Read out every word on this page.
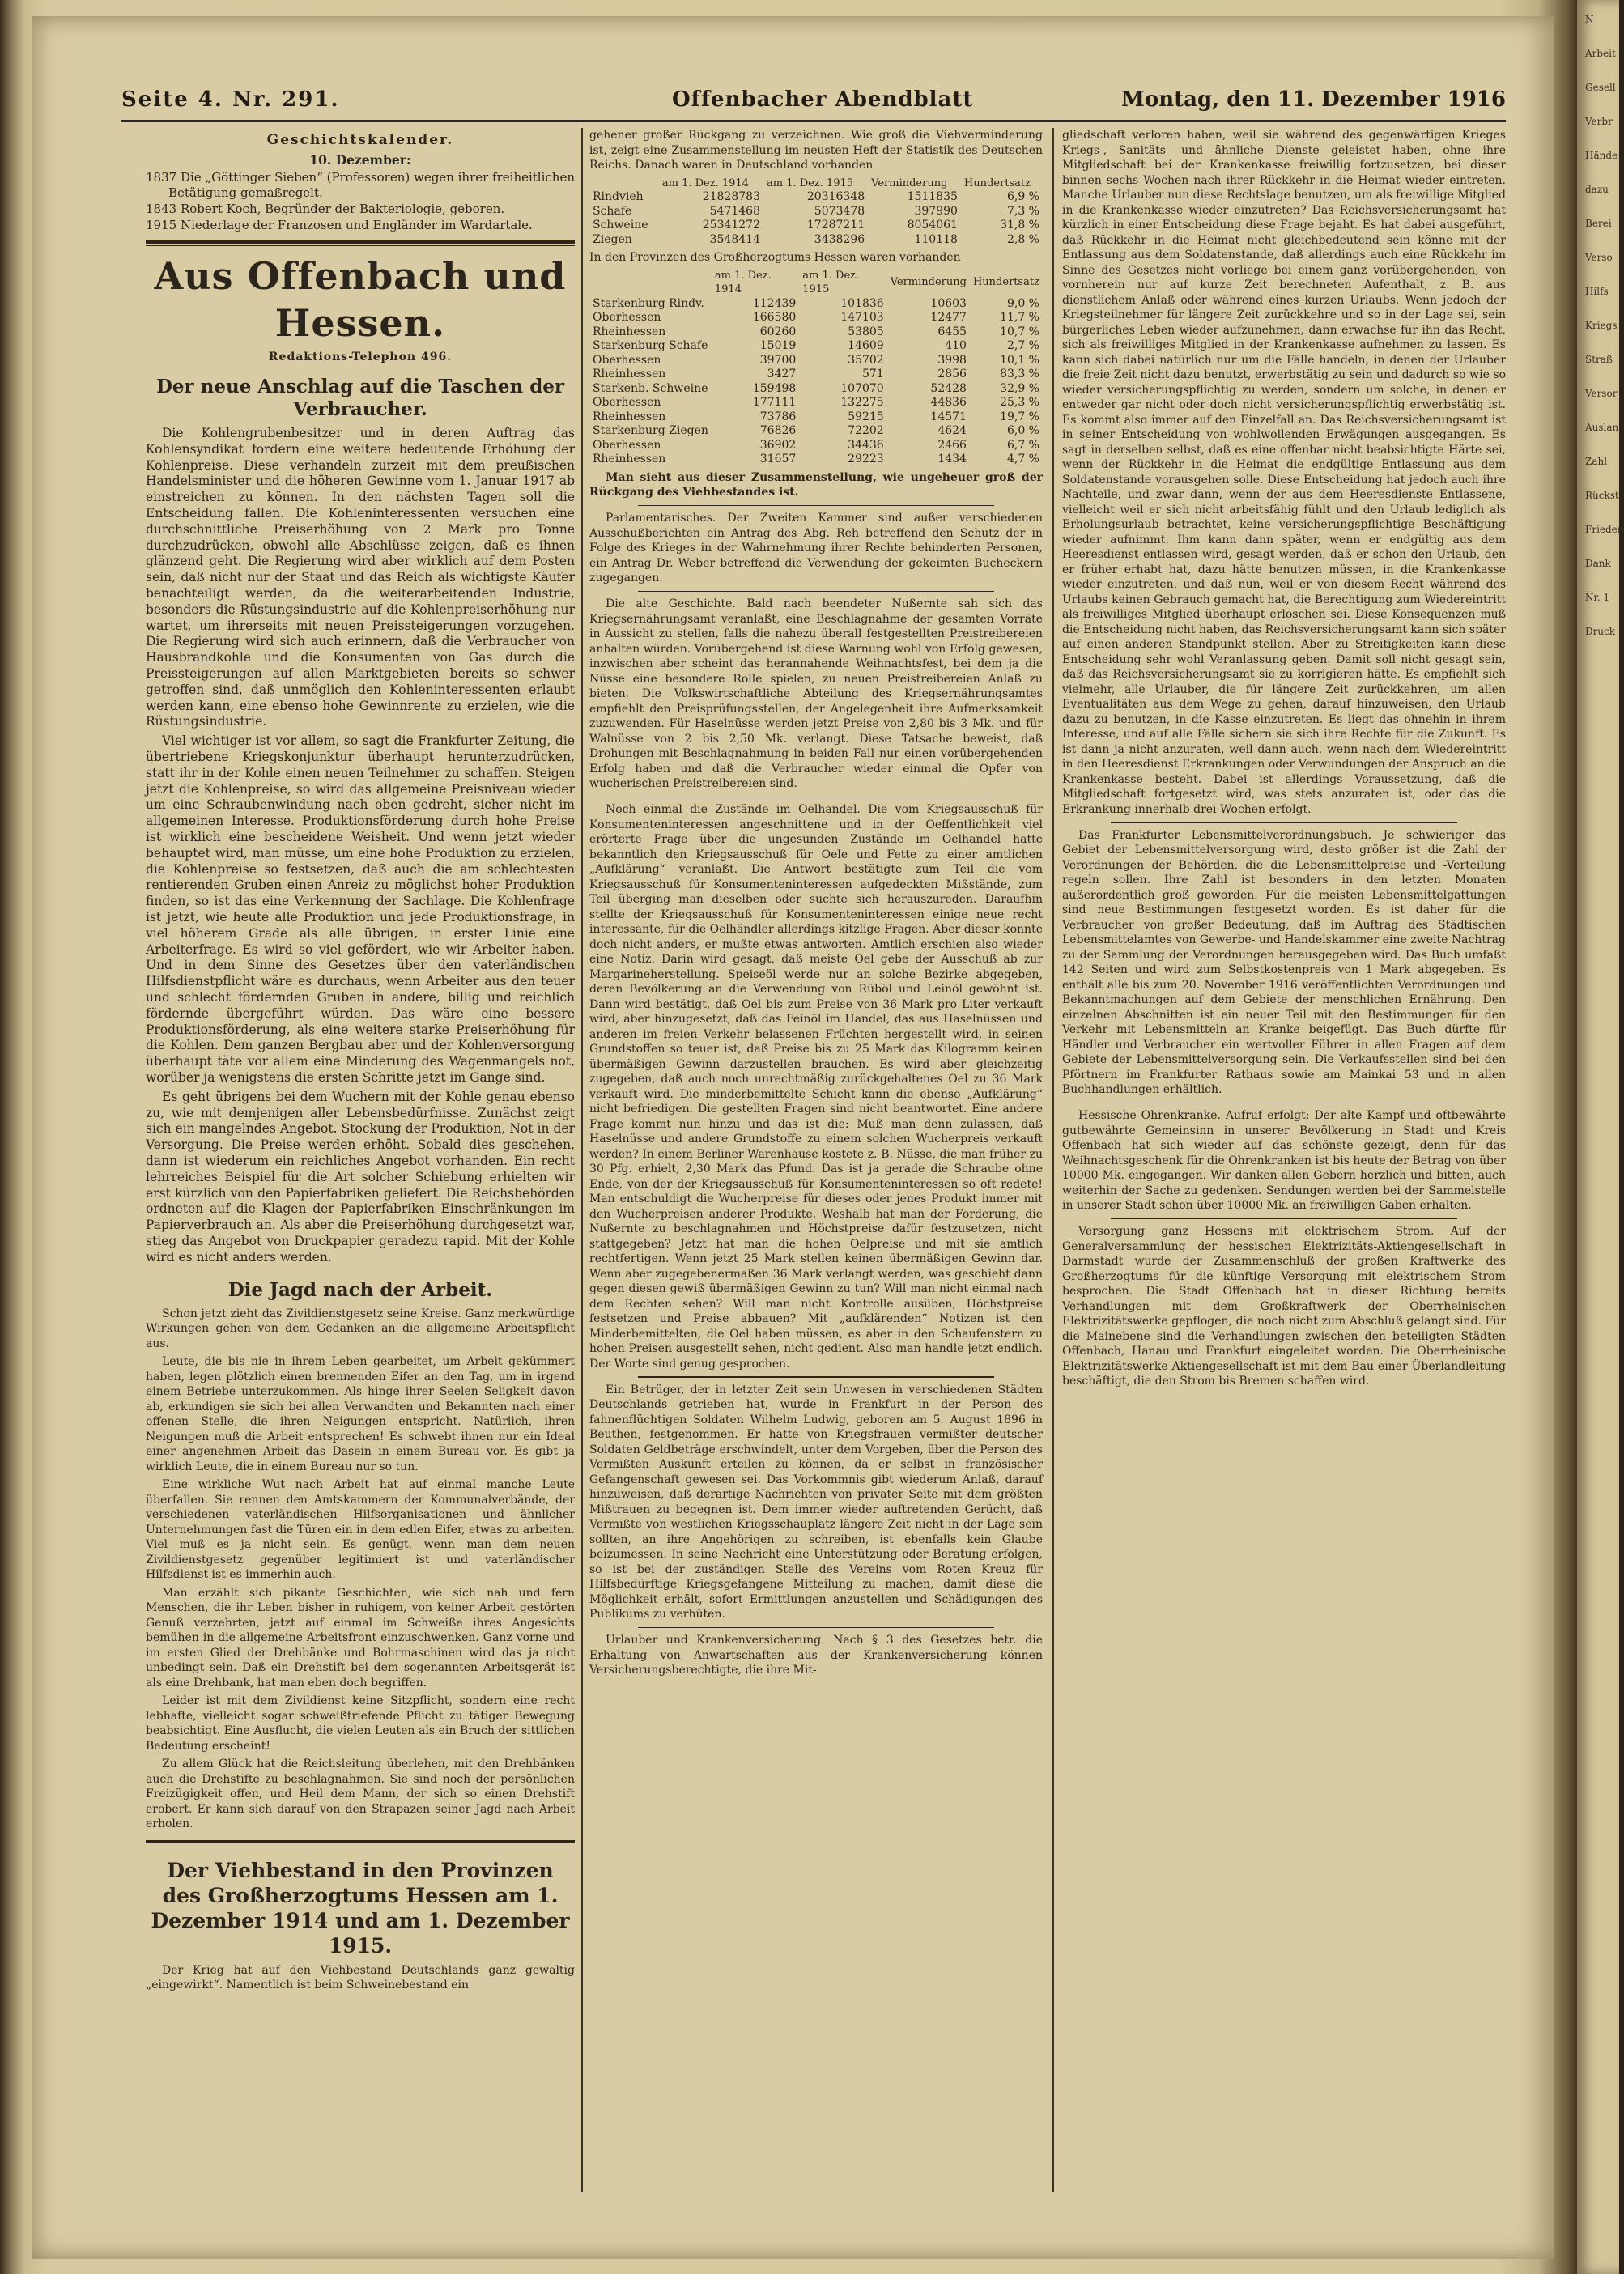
N
Arbeit
Gesell
Verbr
Hände
dazu
Berei
Verso
Hilfs
Kriegs
Straß
Versor
Auslan
Zahl
Rückst
Frieden
Dank
Nr. 1
Druck
Seite 4. Nr. 291.	Offenbacher Abendblatt	Montag, den 11. Dezember 1916
Geschichtskalender.
10. Dezember:

1837 Die „Göttinger Sieben“ (Professoren) wegen ihrer freiheitlichen Betätigung gemaßregelt.

1843 Robert Koch, Begründer der Bakteriologie, geboren.

1915 Niederlage der Franzosen und Engländer im Wardartale.

Aus Offenbach und Hessen.
Redaktions-Telephon 496.
Der neue Anschlag auf die Taschen der Verbraucher.

Die Kohlengrubenbesitzer und in deren Auftrag das Kohlensyndikat fordern eine weitere bedeutende Erhöhung der Kohlenpreise. Diese verhandeln zurzeit mit dem preußischen Handelsminister und die höheren Gewinne vom 1. Januar 1917 ab einstreichen zu können. In den nächsten Tagen soll die Entscheidung fallen. Die Kohleninteressenten versuchen eine durchschnittliche Preiserhöhung von 2 Mark pro Tonne durchzudrücken, obwohl alle Abschlüsse zeigen, daß es ihnen glänzend geht. Die Regierung wird aber wirklich auf dem Posten sein, daß nicht nur der Staat und das Reich als wichtigste Käufer benachteiligt werden, da die weiterarbeitenden Industrie, besonders die Rüstungsindustrie auf die Kohlenpreiserhöhung nur wartet, um ihrerseits mit neuen Preissteigerungen vorzugehen. Die Regierung wird sich auch erinnern, daß die Verbraucher von Hausbrandkohle und die Konsumenten von Gas durch die Preissteigerungen auf allen Marktgebieten bereits so schwer getroffen sind, daß unmöglich den Kohleninteressenten erlaubt werden kann, eine ebenso hohe Gewinnrente zu erzielen, wie die Rüstungsindustrie.

Viel wichtiger ist vor allem, so sagt die Frankfurter Zeitung, die übertriebene Kriegskonjunktur überhaupt herunterzudrücken, statt ihr in der Kohle einen neuen Teilnehmer zu schaffen. Steigen jetzt die Kohlenpreise, so wird das allgemeine Preisniveau wieder um eine Schraubenwindung nach oben gedreht, sicher nicht im allgemeinen Interesse. Produktionsförderung durch hohe Preise ist wirklich eine bescheidene Weisheit. Und wenn jetzt wieder behauptet wird, man müsse, um eine hohe Produktion zu erzielen, die Kohlenpreise so festsetzen, daß auch die am schlechtesten rentierenden Gruben einen Anreiz zu möglichst hoher Produktion finden, so ist das eine Verkennung der Sachlage. Die Kohlenfrage ist jetzt, wie heute alle Produktion und jede Produktionsfrage, in viel höherem Grade als alle übrigen, in erster Linie eine Arbeiterfrage. Es wird so viel gefördert, wie wir Arbeiter haben. Und in dem Sinne des Gesetzes über den vaterländischen Hilfsdienstpflicht wäre es durchaus, wenn Arbeiter aus den teuer und schlecht fördernden Gruben in andere, billig und reichlich fördernde übergeführt würden. Das wäre eine bessere Produktionsförderung, als eine weitere starke Preiserhöhung für die Kohlen. Dem ganzen Bergbau aber und der Kohlenversorgung überhaupt täte vor allem eine Minderung des Wagenmangels not, worüber ja wenigstens die ersten Schritte jetzt im Gange sind.

Es geht übrigens bei dem Wuchern mit der Kohle genau ebenso zu, wie mit demjenigen aller Lebensbedürfnisse. Zunächst zeigt sich ein mangelndes Angebot. Stockung der Produktion, Not in der Versorgung. Die Preise werden erhöht. Sobald dies geschehen, dann ist wiederum ein reichliches Angebot vorhanden. Ein recht lehrreiches Beispiel für die Art solcher Schiebung erhielten wir erst kürzlich von den Papierfabriken geliefert. Die Reichsbehörden ordneten auf die Klagen der Papierfabriken Einschränkungen im Papierverbrauch an. Als aber die Preiserhöhung durchgesetzt war, stieg das Angebot von Druckpapier geradezu rapid. Mit der Kohle wird es nicht anders werden.

Die Jagd nach der Arbeit.

Schon jetzt zieht das Zivildienstgesetz seine Kreise. Ganz merkwürdige Wirkungen gehen von dem Gedanken an die allgemeine Arbeitspflicht aus.

Leute, die bis nie in ihrem Leben gearbeitet, um Arbeit gekümmert haben, legen plötzlich einen brennenden Eifer an den Tag, um in irgend einem Betriebe unterzukommen. Als hinge ihrer Seelen Seligkeit davon ab, erkundigen sie sich bei allen Verwandten und Bekannten nach einer offenen Stelle, die ihren Neigungen entspricht. Natürlich, ihren Neigungen muß die Arbeit entsprechen! Es schwebt ihnen nur ein Ideal einer angenehmen Arbeit das Dasein in einem Bureau vor. Es gibt ja wirklich Leute, die in einem Bureau nur so tun.

Eine wirkliche Wut nach Arbeit hat auf einmal manche Leute überfallen. Sie rennen den Amtskammern der Kommunalverbände, der verschiedenen vaterländischen Hilfsorganisationen und ähnlicher Unternehmungen fast die Türen ein in dem edlen Eifer, etwas zu arbeiten. Viel muß es ja nicht sein. Es genügt, wenn man dem neuen Zivildienstgesetz gegenüber legitimiert ist und vaterländischer Hilfsdienst ist es immerhin auch.

Man erzählt sich pikante Geschichten, wie sich nah und fern Menschen, die ihr Leben bisher in ruhigem, von keiner Arbeit gestörten Genuß verzehrten, jetzt auf einmal im Schweiße ihres Angesichts bemühen in die allgemeine Arbeitsfront einzuschwenken. Ganz vorne und im ersten Glied der Drehbänke und Bohrmaschinen wird das ja nicht unbedingt sein. Daß ein Drehstift bei dem sogenannten Arbeitsgerät ist als eine Drehbank, hat man eben doch begriffen.

Leider ist mit dem Zivildienst keine Sitzpflicht, sondern eine recht lebhafte, vielleicht sogar schweißtriefende Pflicht zu tätiger Bewegung beabsichtigt. Eine Ausflucht, die vielen Leuten als ein Bruch der sittlichen Bedeutung erscheint!

Zu allem Glück hat die Reichsleitung überlehen, mit den Drehbänken auch die Drehstifte zu beschlagnahmen. Sie sind noch der persönlichen Freizügigkeit offen, und Heil dem Mann, der sich so einen Drehstift erobert. Er kann sich darauf von den Strapazen seiner Jagd nach Arbeit erholen.

Der Viehbestand in den Provinzen des Großherzogtums Hessen am 1. Dezember 1914 und am 1. Dezember 1915.

Der Krieg hat auf den Viehbestand Deutschlands ganz gewaltig „eingewirkt“. Namentlich ist beim Schweinebestand ein

gehener großer Rückgang zu verzeichnen. Wie groß die Viehverminderung ist, zeigt eine Zusammenstellung im neusten Heft der Statistik des Deutschen Reichs. Danach waren in Deutschland vorhanden

	am 1. Dez. 1914	am 1. Dez. 1915	Verminderung	Hundertsatz
Rindvieh	21828783	20316348	1511835	6,9 %
Schafe	5471468	5073478	397990	7,3 %
Schweine	25341272	17287211	8054061	31,8 %
Ziegen	3548414	3438296	110118	2,8 %

In den Provinzen des Großherzogtums Hessen waren vorhanden

	am 1. Dez. 1914	am 1. Dez. 1915	Verminderung	Hundertsatz
Starkenburg Rindv.	112439	101836	10603	9,0 %
Oberhessen	166580	147103	12477	11,7 %
Rheinhessen	60260	53805	6455	10,7 %
Starkenburg Schafe	15019	14609	410	2,7 %
Oberhessen	39700	35702	3998	10,1 %
Rheinhessen	3427	571	2856	83,3 %
Starkenb. Schweine	159498	107070	52428	32,9 %
Oberhessen	177111	132275	44836	25,3 %
Rheinhessen	73786	59215	14571	19,7 %
Starkenburg Ziegen	76826	72202	4624	6,0 %
Oberhessen	36902	34436	2466	6,7 %
Rheinhessen	31657	29223	1434	4,7 %

Man sieht aus dieser Zusammenstellung, wie ungeheuer groß der Rückgang des Viehbestandes ist.

Parlamentarisches. Der Zweiten Kammer sind außer verschiedenen Ausschußberichten ein Antrag des Abg. Reh betreffend den Schutz der in Folge des Krieges in der Wahrnehmung ihrer Rechte behinderten Personen, ein Antrag Dr. Weber betreffend die Verwendung der gekeimten Bucheckern zugegangen.

Die alte Geschichte. Bald nach beendeter Nußernte sah sich das Kriegsernährungsamt veranlaßt, eine Beschlagnahme der gesamten Vorräte in Aussicht zu stellen, falls die nahezu überall festgestellten Preistreibereien anhalten würden. Vorübergehend ist diese Warnung wohl von Erfolg gewesen, inzwischen aber scheint das herannahende Weihnachtsfest, bei dem ja die Nüsse eine besondere Rolle spielen, zu neuen Preistreibereien Anlaß zu bieten. Die Volkswirtschaftliche Abteilung des Kriegsernährungsamtes empfiehlt den Preisprüfungsstellen, der Angelegenheit ihre Aufmerksamkeit zuzuwenden. Für Haselnüsse werden jetzt Preise von 2,80 bis 3 Mk. und für Walnüsse von 2 bis 2,50 Mk. verlangt. Diese Tatsache beweist, daß Drohungen mit Beschlagnahmung in beiden Fall nur einen vorübergehenden Erfolg haben und daß die Verbraucher wieder einmal die Opfer von wucherischen Preistreibereien sind.

Noch einmal die Zustände im Oelhandel. Die vom Kriegsausschuß für Konsumenteninteressen angeschnittene und in der Oeffentlichkeit viel erörterte Frage über die ungesunden Zustände im Oelhandel hatte bekanntlich den Kriegsausschuß für Oele und Fette zu einer amtlichen „Aufklärung“ veranlaßt. Die Antwort bestätigte zum Teil die vom Kriegsausschuß für Konsumenteninteressen aufgedeckten Mißstände, zum Teil überging man dieselben oder suchte sich herauszureden. Daraufhin stellte der Kriegsausschuß für Konsumenteninteressen einige neue recht interessante, für die Oelhändler allerdings kitzlige Fragen. Aber dieser konnte doch nicht anders, er mußte etwas antworten. Amtlich erschien also wieder eine Notiz. Darin wird gesagt, daß meiste Oel gebe der Ausschuß ab zur Margarineherstellung. Speiseöl werde nur an solche Bezirke abgegeben, deren Bevölkerung an die Verwendung von Rüböl und Leinöl gewöhnt ist. Dann wird bestätigt, daß Oel bis zum Preise von 36 Mark pro Liter verkauft wird, aber hinzugesetzt, daß das Feinöl im Handel, das aus Haselnüssen und anderen im freien Verkehr belassenen Früchten hergestellt wird, in seinen Grundstoffen so teuer ist, daß Preise bis zu 25 Mark das Kilogramm keinen übermäßigen Gewinn darzustellen brauchen. Es wird aber gleichzeitig zugegeben, daß auch noch unrechtmäßig zurückgehaltenes Oel zu 36 Mark verkauft wird. Die minderbemittelte Schicht kann die ebenso „Aufklärung“ nicht befriedigen. Die gestellten Fragen sind nicht beantwortet. Eine andere Frage kommt nun hinzu und das ist die: Muß man denn zulassen, daß Haselnüsse und andere Grundstoffe zu einem solchen Wucherpreis verkauft werden? In einem Berliner Warenhause kostete z. B. Nüsse, die man früher zu 30 Pfg. erhielt, 2,30 Mark das Pfund. Das ist ja gerade die Schraube ohne Ende, von der der Kriegsausschuß für Konsumenteninteressen so oft redete! Man entschuldigt die Wucherpreise für dieses oder jenes Produkt immer mit den Wucherpreisen anderer Produkte. Weshalb hat man der Forderung, die Nußernte zu beschlagnahmen und Höchstpreise dafür festzusetzen, nicht stattgegeben? Jetzt hat man die hohen Oelpreise und mit sie amtlich rechtfertigen. Wenn jetzt 25 Mark stellen keinen übermäßigen Gewinn dar. Wenn aber zugegebenermaßen 36 Mark verlangt werden, was geschieht dann gegen diesen gewiß übermäßigen Gewinn zu tun? Will man nicht einmal nach dem Rechten sehen? Will man nicht Kontrolle ausüben, Höchstpreise festsetzen und Preise abbauen? Mit „aufklärenden“ Notizen ist den Minderbemittelten, die Oel haben müssen, es aber in den Schaufenstern zu hohen Preisen ausgestellt sehen, nicht gedient. Also man handle jetzt endlich. Der Worte sind genug gesprochen.

Ein Betrüger, der in letzter Zeit sein Unwesen in verschiedenen Städten Deutschlands getrieben hat, wurde in Frankfurt in der Person des fahnenflüchtigen Soldaten Wilhelm Ludwig, geboren am 5. August 1896 in Beuthen, festgenommen. Er hatte von Kriegsfrauen vermißter deutscher Soldaten Geldbeträge erschwindelt, unter dem Vorgeben, über die Person des Vermißten Auskunft erteilen zu können, da er selbst in französischer Gefangenschaft gewesen sei. Das Vorkommnis gibt wiederum Anlaß, darauf hinzuweisen, daß derartige Nachrichten von privater Seite mit dem größten Mißtrauen zu begegnen ist. Dem immer wieder auftretenden Gerücht, daß Vermißte von westlichen Kriegsschauplatz längere Zeit nicht in der Lage sein sollten, an ihre Angehörigen zu schreiben, ist ebenfalls kein Glaube beizumessen. In seine Nachricht eine Unterstützung oder Beratung erfolgen, so ist bei der zuständigen Stelle des Vereins vom Roten Kreuz für Hilfsbedürftige Kriegsgefangene Mitteilung zu machen, damit diese die Möglichkeit erhält, sofort Ermittlungen anzustellen und Schädigungen des Publikums zu verhüten.

Urlauber und Krankenversicherung. Nach § 3 des Gesetzes betr. die Erhaltung von Anwartschaften aus der Krankenversicherung können Versicherungsberechtigte, die ihre Mit-

gliedschaft verloren haben, weil sie während des gegenwärtigen Krieges Kriegs-, Sanitäts- und ähnliche Dienste geleistet haben, ohne ihre Mitgliedschaft bei der Krankenkasse freiwillig fortzusetzen, bei dieser binnen sechs Wochen nach ihrer Rückkehr in die Heimat wieder eintreten. Manche Urlauber nun diese Rechtslage benutzen, um als freiwillige Mitglied in die Krankenkasse wieder einzutreten? Das Reichsversicherungsamt hat kürzlich in einer Entscheidung diese Frage bejaht. Es hat dabei ausgeführt, daß Rückkehr in die Heimat nicht gleichbedeutend sein könne mit der Entlassung aus dem Soldatenstande, daß allerdings auch eine Rückkehr im Sinne des Gesetzes nicht vorliege bei einem ganz vorübergehenden, von vornherein nur auf kurze Zeit berechneten Aufenthalt, z. B. aus dienstlichem Anlaß oder während eines kurzen Urlaubs. Wenn jedoch der Kriegsteilnehmer für längere Zeit zurückkehre und so in der Lage sei, sein bürgerliches Leben wieder aufzunehmen, dann erwachse für ihn das Recht, sich als freiwilliges Mitglied in der Krankenkasse aufnehmen zu lassen. Es kann sich dabei natürlich nur um die Fälle handeln, in denen der Urlauber die freie Zeit nicht dazu benutzt, erwerbstätig zu sein und dadurch so wie so wieder versicherungspflichtig zu werden, sondern um solche, in denen er entweder gar nicht oder doch nicht versicherungspflichtig erwerbstätig ist. Es kommt also immer auf den Einzelfall an. Das Reichsversicherungsamt ist in seiner Entscheidung von wohlwollenden Erwägungen ausgegangen. Es sagt in derselben selbst, daß es eine offenbar nicht beabsichtigte Härte sei, wenn der Rückkehr in die Heimat die endgültige Entlassung aus dem Soldatenstande vorausgehen solle. Diese Entscheidung hat jedoch auch ihre Nachteile, und zwar dann, wenn der aus dem Heeresdienste Entlassene, vielleicht weil er sich nicht arbeitsfähig fühlt und den Urlaub lediglich als Erholungsurlaub betrachtet, keine versicherungspflichtige Beschäftigung wieder aufnimmt. Ihm kann dann später, wenn er endgültig aus dem Heeresdienst entlassen wird, gesagt werden, daß er schon den Urlaub, den er früher erhabt hat, dazu hätte benutzen müssen, in die Krankenkasse wieder einzutreten, und daß nun, weil er von diesem Recht während des Urlaubs keinen Gebrauch gemacht hat, die Berechtigung zum Wiedereintritt als freiwilliges Mitglied überhaupt erloschen sei. Diese Konsequenzen muß die Entscheidung nicht haben, das Reichsversicherungsamt kann sich später auf einen anderen Standpunkt stellen. Aber zu Streitigkeiten kann diese Entscheidung sehr wohl Veranlassung geben. Damit soll nicht gesagt sein, daß das Reichsversicherungsamt sie zu korrigieren hätte. Es empfiehlt sich vielmehr, alle Urlauber, die für längere Zeit zurückkehren, um allen Eventualitäten aus dem Wege zu gehen, darauf hinzuweisen, den Urlaub dazu zu benutzen, in die Kasse einzutreten. Es liegt das ohnehin in ihrem Interesse, und auf alle Fälle sichern sie sich ihre Rechte für die Zukunft. Es ist dann ja nicht anzuraten, weil dann auch, wenn nach dem Wiedereintritt in den Heeresdienst Erkrankungen oder Verwundungen der Anspruch an die Krankenkasse besteht. Dabei ist allerdings Voraussetzung, daß die Mitgliedschaft fortgesetzt wird, was stets anzuraten ist, oder das die Erkrankung innerhalb drei Wochen erfolgt.

Das Frankfurter Lebensmittelverordnungsbuch. Je schwieriger das Gebiet der Lebensmittelversorgung wird, desto größer ist die Zahl der Verordnungen der Behörden, die die Lebensmittelpreise und -Verteilung regeln sollen. Ihre Zahl ist besonders in den letzten Monaten außerordentlich groß geworden. Für die meisten Lebensmittelgattungen sind neue Bestimmungen festgesetzt worden. Es ist daher für die Verbraucher von großer Bedeutung, daß im Auftrag des Städtischen Lebensmittelamtes von Gewerbe- und Handelskammer eine zweite Nachtrag zu der Sammlung der Verordnungen herausgegeben wird. Das Buch umfaßt 142 Seiten und wird zum Selbstkostenpreis von 1 Mark abgegeben. Es enthält alle bis zum 20. November 1916 veröffentlichten Verordnungen und Bekanntmachungen auf dem Gebiete der menschlichen Ernährung. Den einzelnen Abschnitten ist ein neuer Teil mit den Bestimmungen für den Verkehr mit Lebensmitteln an Kranke beigefügt. Das Buch dürfte für Händler und Verbraucher ein wertvoller Führer in allen Fragen auf dem Gebiete der Lebensmittelversorgung sein. Die Verkaufsstellen sind bei den Pförtnern im Frankfurter Rathaus sowie am Mainkai 53 und in allen Buchhandlungen erhältlich.

Hessische Ohrenkranke. Aufruf erfolgt: Der alte Kampf und oftbewährte gutbewährte Gemeinsinn in unserer Bevölkerung in Stadt und Kreis Offenbach hat sich wieder auf das schönste gezeigt, denn für das Weihnachtsgeschenk für die Ohrenkranken ist bis heute der Betrag von über 10000 Mk. eingegangen. Wir danken allen Gebern herzlich und bitten, auch weiterhin der Sache zu gedenken. Sendungen werden bei der Sammelstelle in unserer Stadt schon über 10000 Mk. an freiwilligen Gaben erhalten.

Versorgung ganz Hessens mit elektrischem Strom. Auf der Generalversammlung der hessischen Elektrizitäts-Aktiengesellschaft in Darmstadt wurde der Zusammenschluß der großen Kraftwerke des Großherzogtums für die künftige Versorgung mit elektrischem Strom besprochen. Die Stadt Offenbach hat in dieser Richtung bereits Verhandlungen mit dem Großkraftwerk der Oberrheinischen Elektrizitätswerke gepflogen, die noch nicht zum Abschluß gelangt sind. Für die Mainebene sind die Verhandlungen zwischen den beteiligten Städten Offenbach, Hanau und Frankfurt eingeleitet worden. Die Oberrheinische Elektrizitätswerke Aktiengesellschaft ist mit dem Bau einer Überlandleitung beschäftigt, die den Strom bis Bremen schaffen wird.
